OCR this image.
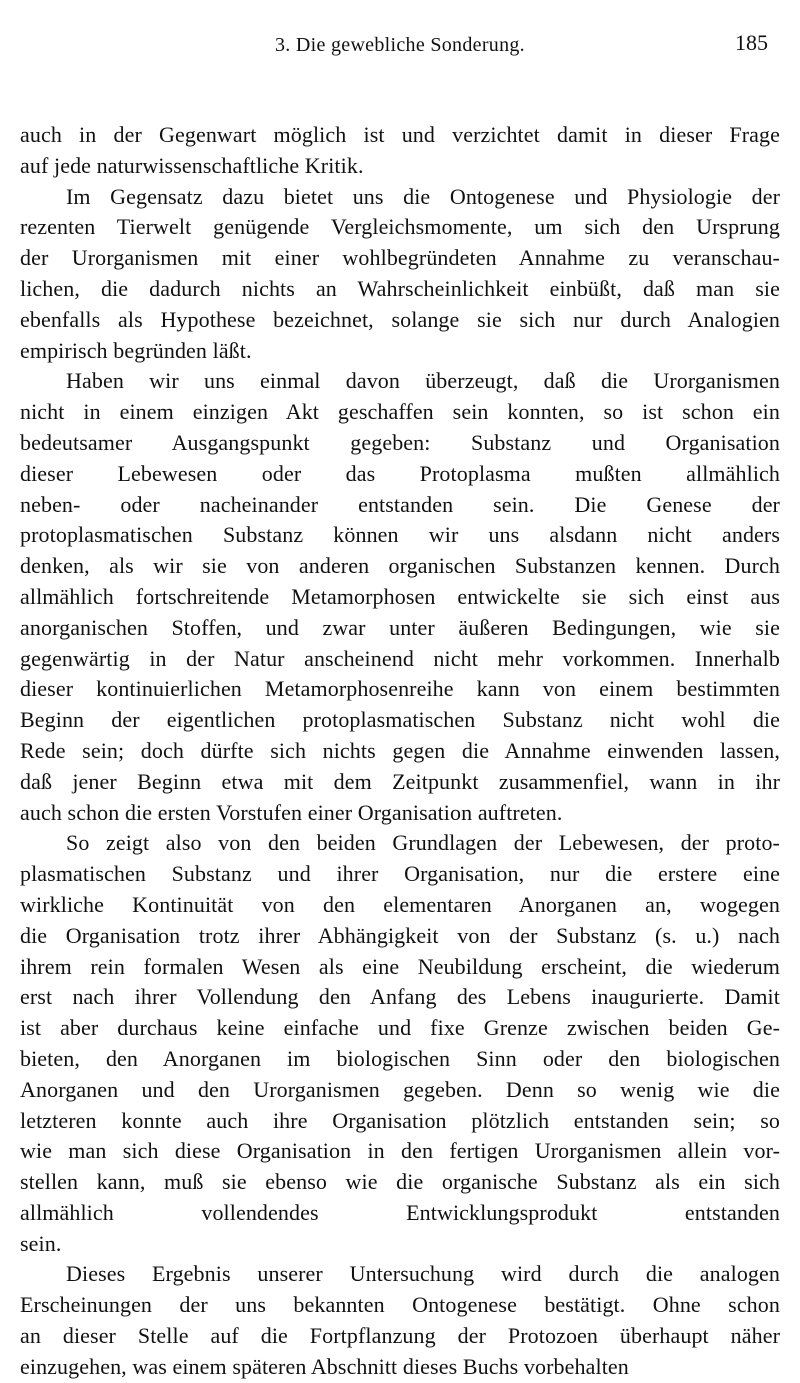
3. Die gewebliche Sonderung.	185

auch in der Gegenwart möglich ist und verzichtet damit in dieser Frage
auf jede naturwissenschaftliche Kritik.

Im Gegensatz dazu bietet uns die Ontogenese und Physiologie der
rezenten Tierwelt genügende Vergleichsmomente, um sich den Ursprung
der Urorganismen mit einer wohlbegründeten Annahme zu veranschau-
lichen, die dadurch nichts an Wahrscheinlichkeit einbüßt, daß man sie
ebenfalls als Hypothese bezeichnet, solange sie sich nur durch Analogien
empirisch begründen läßt.

Haben wir uns einmal davon überzeugt, daß die Urorganismen
nicht in einem einzigen Akt geschaffen sein konnten, so ist schon ein
bedeutsamer Ausgangspunkt gegeben: Substanz und Organisation
dieser Lebewesen oder das Protoplasma mußten allmählich
neben- oder nacheinander entstanden sein. Die Genese der
protoplasmatischen Substanz können wir uns alsdann nicht anders
denken, als wir sie von anderen organischen Substanzen kennen. Durch
allmählich fortschreitende Metamorphosen entwickelte sie sich einst aus
anorganischen Stoffen, und zwar unter äußeren Bedingungen, wie sie
gegenwärtig in der Natur anscheinend nicht mehr vorkommen. Innerhalb
dieser kontinuierlichen Metamorphosenreihe kann von einem bestimmten
Beginn der eigentlichen protoplasmatischen Substanz nicht wohl die
Rede sein; doch dürfte sich nichts gegen die Annahme einwenden lassen,
daß jener Beginn etwa mit dem Zeitpunkt zusammenfiel, wann in ihr
auch schon die ersten Vorstufen einer Organisation auftreten.

So zeigt also von den beiden Grundlagen der Lebewesen, der proto-
plasmatischen Substanz und ihrer Organisation, nur die erstere eine
wirkliche Kontinuität von den elementaren Anorganen an, wogegen
die Organisation trotz ihrer Abhängigkeit von der Substanz (s. u.) nach
ihrem rein formalen Wesen als eine Neubildung erscheint, die wiederum
erst nach ihrer Vollendung den Anfang des Lebens inaugurierte. Damit
ist aber durchaus keine einfache und fixe Grenze zwischen beiden Ge-
bieten, den Anorganen im biologischen Sinn oder den biologischen
Anorganen und den Urorganismen gegeben. Denn so wenig wie die
letzteren konnte auch ihre Organisation plötzlich entstanden sein; so
wie man sich diese Organisation in den fertigen Urorganismen allein vor-
stellen kann, muß sie ebenso wie die organische Substanz als ein sich
allmählich vollendendes Entwicklungsprodukt entstanden
sein.

Dieses Ergebnis unserer Untersuchung wird durch die analogen
Erscheinungen der uns bekannten Ontogenese bestätigt. Ohne schon
an dieser Stelle auf die Fortpflanzung der Protozoen überhaupt näher
einzugehen, was einem späteren Abschnitt dieses Buchs vorbehalten
